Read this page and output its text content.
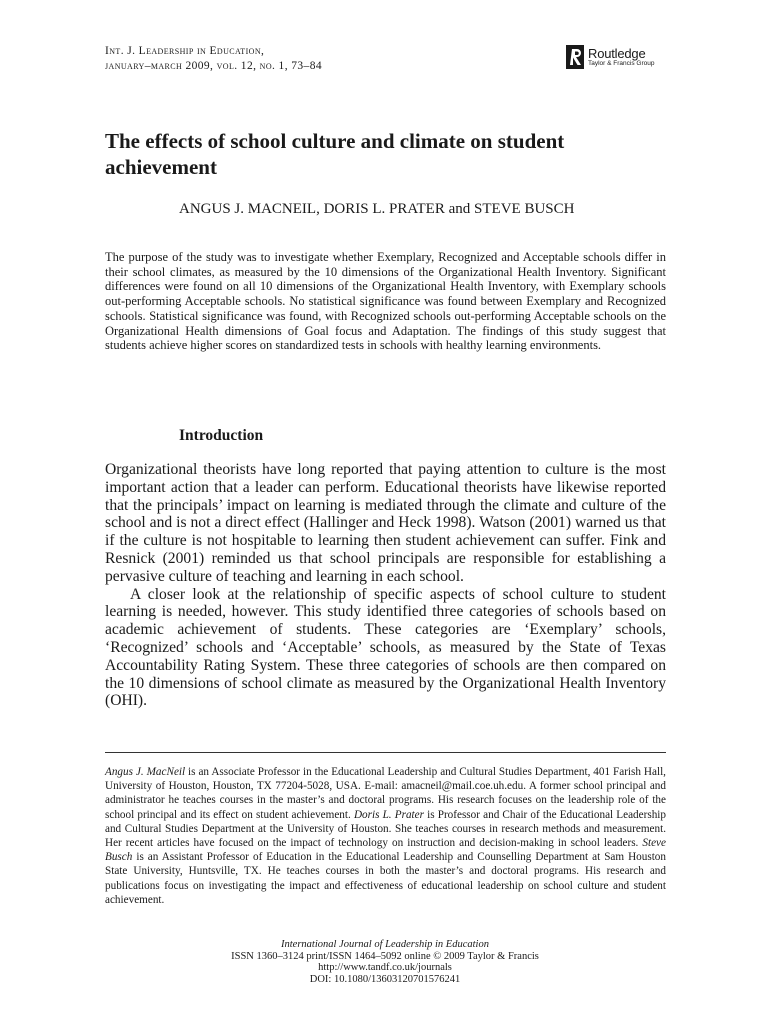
Int. J. Leadership in Education,
january–march 2009, vol. 12, no. 1, 73–84
Routledge
Taylor & Francis Group
The effects of school culture and climate on student achievement
ANGUS J. MACNEIL, DORIS L. PRATER and STEVE BUSCH

The purpose of the study was to investigate whether Exemplary, Recognized and Acceptable schools differ in their school climates, as measured by the 10 dimensions of the Organizational Health Inventory. Significant differences were found on all 10 dimensions of the Organizational Health Inventory, with Exemplary schools out-performing Acceptable schools. No statistical significance was found between Exemplary and Recognized schools. Statistical significance was found, with Recognized schools out-performing Acceptable schools on the Organizational Health dimensions of Goal focus and Adaptation. The findings of this study suggest that students achieve higher scores on standardized tests in schools with healthy learning environments.

Introduction

Organizational theorists have long reported that paying attention to culture is the most important action that a leader can perform. Educational theorists have likewise reported that the principals’ impact on learning is mediated through the climate and culture of the school and is not a direct effect (Hallinger and Heck 1998). Watson (2001) warned us that if the culture is not hospitable to learning then student achievement can suffer. Fink and Resnick (2001) reminded us that school principals are responsible for establishing a pervasive culture of teaching and learning in each school.

A closer look at the relationship of specific aspects of school culture to student learning is needed, however. This study identified three categories of schools based on academic achievement of students. These categories are ‘Exemplary’ schools, ‘Recognized’ schools and ‘Acceptable’ schools, as measured by the State of Texas Accountability Rating System. These three categories of schools are then compared on the 10 dimensions of school climate as measured by the Organizational Health Inventory (OHI).

Angus J. MacNeil is an Associate Professor in the Educational Leadership and Cultural Studies Department, 401 Farish Hall, University of Houston, Houston, TX 77204-5028, USA. E-mail: amacneil@mail.coe.uh.edu. A former school principal and administrator he teaches courses in the master’s and doctoral programs. His research focuses on the leadership role of the school principal and its effect on student achievement. Doris L. Prater is Professor and Chair of the Educational Leadership and Cultural Studies Department at the University of Houston. She teaches courses in research methods and measurement. Her recent articles have focused on the impact of technology on instruction and decision-making in school leaders. Steve Busch is an Assistant Professor of Education in the Educational Leadership and Counselling Department at Sam Houston State University, Huntsville, TX. He teaches courses in both the master’s and doctoral programs. His research and publications focus on investigating the impact and effectiveness of educational leadership on school culture and student achievement.

International Journal of Leadership in Education
ISSN 1360–3124 print/ISSN 1464–5092 online © 2009 Taylor & Francis
http://www.tandf.co.uk/journals
DOI: 10.1080/13603120701576241
